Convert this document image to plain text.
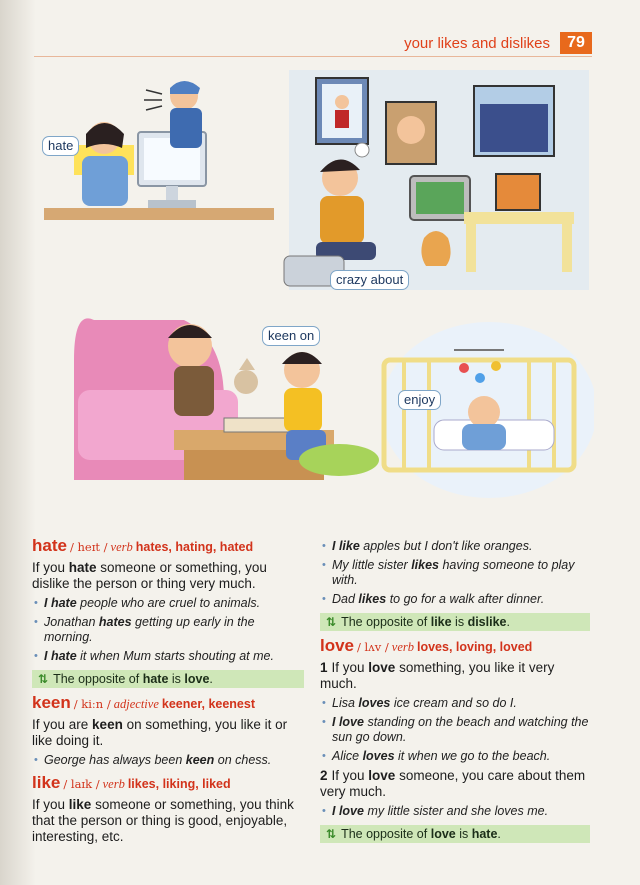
your likes and dislikes	79
hate
crazy about
keen on
enjoy
hate / heɪt / verb hates, hating, hated

If you hate someone or something, you dislike the person or thing very much.

• I hate people who are cruel to animals.

• Jonathan hates getting up early in the morning.

• I hate it when Mum starts shouting at me.

⇅ The opposite of hate is love.
keen / kiːn / adjective keener, keenest

If you are keen on something, you like it or like doing it.

• George has always been keen on chess.

like / laɪk / verb likes, liking, liked

If you like someone or something, you think that the person or thing is good, enjoyable, interesting, etc.

• I like apples but I don't like oranges.

• My little sister likes having someone to play with.

• Dad likes to go for a walk after dinner.

⇅ The opposite of like is dislike.
love / lʌv / verb loves, loving, loved

1 If you love something, you like it very much.

• Lisa loves ice cream and so do I.

• I love standing on the beach and watching the sun go down.

• Alice loves it when we go to the beach.

2 If you love someone, you care about them very much.

• I love my little sister and she loves me.

⇅ The opposite of love is hate.
